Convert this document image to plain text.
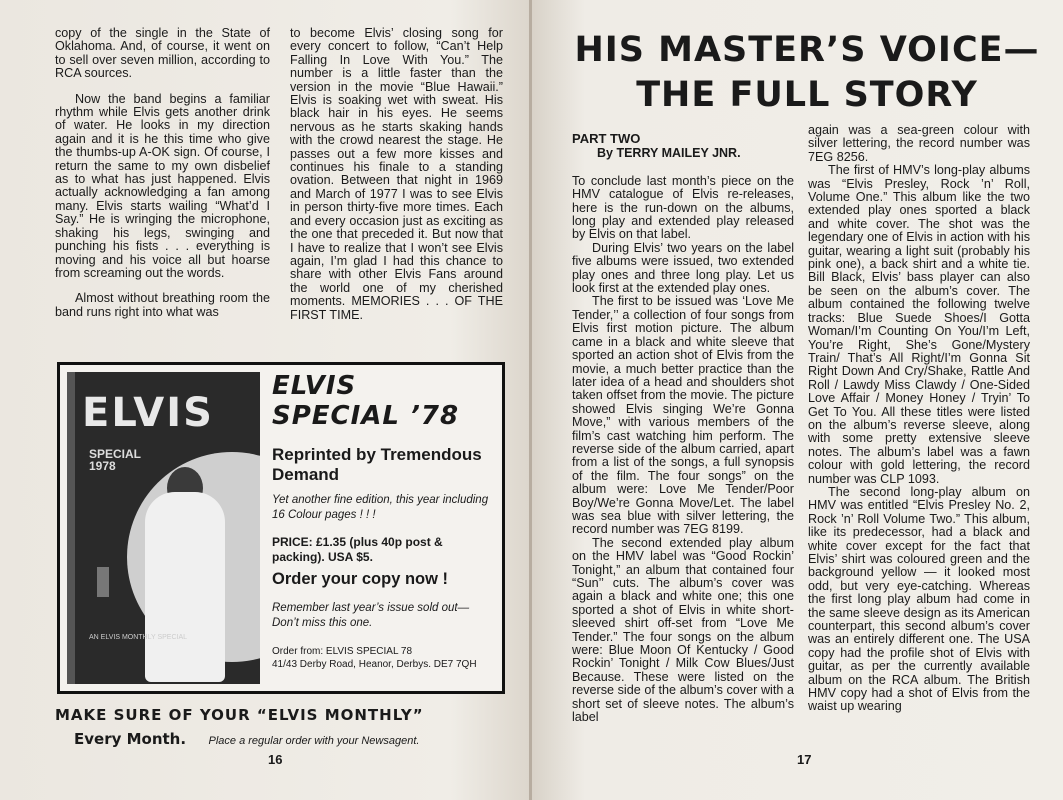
copy of the single in the State of Oklahoma. And, of course, it went on to sell over seven million, according to RCA sources.

Now the band begins a familiar rhythm while Elvis gets another drink of water. He looks in my direction again and it is he this time who give the thumbs-up A-OK sign. Of course, I return the same to my own disbelief as to what has just happened. Elvis actually acknowledging a fan among many. Elvis starts wailing “What’d I Say.” He is wringing the microphone, shaking his legs, swinging and punching his fists . . . everything is moving and his voice all but hoarse from screaming out the words.

Almost without breathing room the band runs right into what was

to become Elvis’ closing song for every concert to follow, “Can’t Help Falling In Love With You.” The number is a little faster than the version in the movie “Blue Hawaii.” Elvis is soaking wet with sweat. His black hair in his eyes. He seems nervous as he starts skaking hands with the crowd nearest the stage. He passes out a few more kisses and continues his finale to a standing ovation. Between that night in 1969 and March of 1977 I was to see Elvis in person thirty-five more times. Each and every occasion just as exciting as the one that preceded it. But now that I have to realize that I won’t see Elvis again, I’m glad I had this chance to share with other Elvis Fans around the world one of my cherished moments. MEMORIES . . . OF THE FIRST TIME.

ELVIS
SPECIAL
1978
AN ELVIS MONTHLY SPECIAL
ELVIS
SPECIAL ’78
Reprinted by Tremendous Demand
Yet another fine edition, this year including 16 Colour pages ! ! !
PRICE: £1.35 (plus 40p post & packing). USA $5.
Order your copy now !
Remember last year’s issue sold out— Don’t miss this one.
Order from: ELVIS SPECIAL 78
41/43 Derby Road, Heanor, Derbys. DE7 7QH
MAKE SURE OF YOUR “ELVIS MONTHLY”
Every Month. Place a regular order with your Newsagent.
16
HIS MASTER’S VOICE—
THE FULL STORY
PART TWO
By TERRY MAILEY JNR.

To conclude last month’s piece on the HMV catalogue of Elvis re-releases, here is the run-down on the albums, long play and extended play released by Elvis on that label.

During Elvis’ two years on the label five albums were issued, two extended play ones and three long play. Let us look first at the extended play ones.

The first to be issued was ‘Love Me Tender,’’ a collection of four songs from Elvis first motion picture. The album came in a black and white sleeve that sported an action shot of Elvis from the movie, a much better practice than the later idea of a head and shoulders shot taken offset from the movie. The picture showed Elvis singing We’re Gonna Move,” with various members of the film’s cast watching him perform. The reverse side of the album carried, apart from a list of the songs, a full synopsis of the film. The four songs” on the album were: Love Me Tender/Poor Boy/We’re Gonna Move/Let. The label was sea blue with silver lettering, the record number was 7EG 8199.

The second extended play album on the HMV label was “Good Rockin’ Tonight,” an album that contained four “Sun’’ cuts. The album’s cover was again a black and white one; this one sported a shot of Elvis in white short-sleeved shirt off-set from “Love Me Tender.” The four songs on the album were: Blue Moon Of Kentucky / Good Rockin’ Tonight / Milk Cow Blues/Just Because. These were listed on the reverse side of the album’s cover with a short set of sleeve notes. The album’s label

again was a sea-green colour with silver lettering, the record number was 7EG 8256.

The first of HMV’s long-play albums was “Elvis Presley, Rock ’n’ Roll, Volume One.” This album like the two extended play ones sported a black and white cover. The shot was the legendary one of Elvis in action with his guitar, wearing a light suit (probably his pink one), a back shirt and a white tie. Bill Black, Elvis’ bass player can also be seen on the album’s cover. The album contained the following twelve tracks: Blue Suede Shoes/I Gotta Woman/I’m Counting On You/I’m Left, You’re Right, She’s Gone/Mystery Train/ That’s All Right/I’m Gonna Sit Right Down And Cry/Shake, Rattle And Roll / Lawdy Miss Clawdy / One-Sided Love Affair / Money Honey / Tryin’ To Get To You. All these titles were listed on the album’s reverse sleeve, along with some pretty extensive sleeve notes. The album’s label was a fawn colour with gold lettering, the record number was CLP 1093.

The second long-play album on HMV was entitled “Elvis Presley No. 2, Rock ’n’ Roll Volume Two.” This album, like its predecessor, had a black and white cover except for the fact that Elvis’ shirt was coloured green and the background yellow — it looked most odd, but very eye-catching. Whereas the first long play album had come in the same sleeve design as its American counterpart, this second album’s cover was an entirely different one. The USA copy had the profile shot of Elvis with guitar, as per the currently available album on the RCA album. The British HMV copy had a shot of Elvis from the waist up wearing

17
